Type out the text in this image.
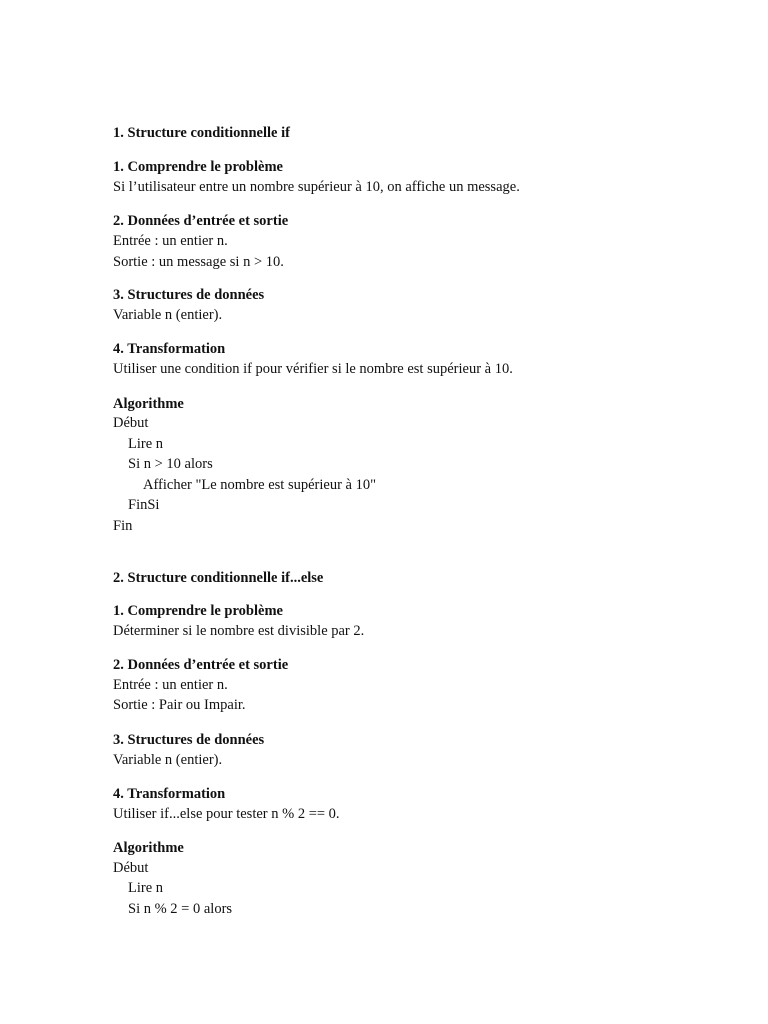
1. Structure conditionnelle if
1. Comprendre le problème
Si l’utilisateur entre un nombre supérieur à 10, on affiche un message.
2. Données d’entrée et sortie
Entrée : un entier n.
Sortie : un message si n > 10.
3. Structures de données
Variable n (entier).
4. Transformation
Utiliser une condition if pour vérifier si le nombre est supérieur à 10.
Algorithme
Début
Lire n
Si n > 10 alors
Afficher "Le nombre est supérieur à 10"
FinSi
Fin
2. Structure conditionnelle if...else
1. Comprendre le problème
Déterminer si le nombre est divisible par 2.
2. Données d’entrée et sortie
Entrée : un entier n.
Sortie : Pair ou Impair.
3. Structures de données
Variable n (entier).
4. Transformation
Utiliser if...else pour tester n % 2 == 0.
Algorithme
Début
Lire n
Si n % 2 = 0 alors
